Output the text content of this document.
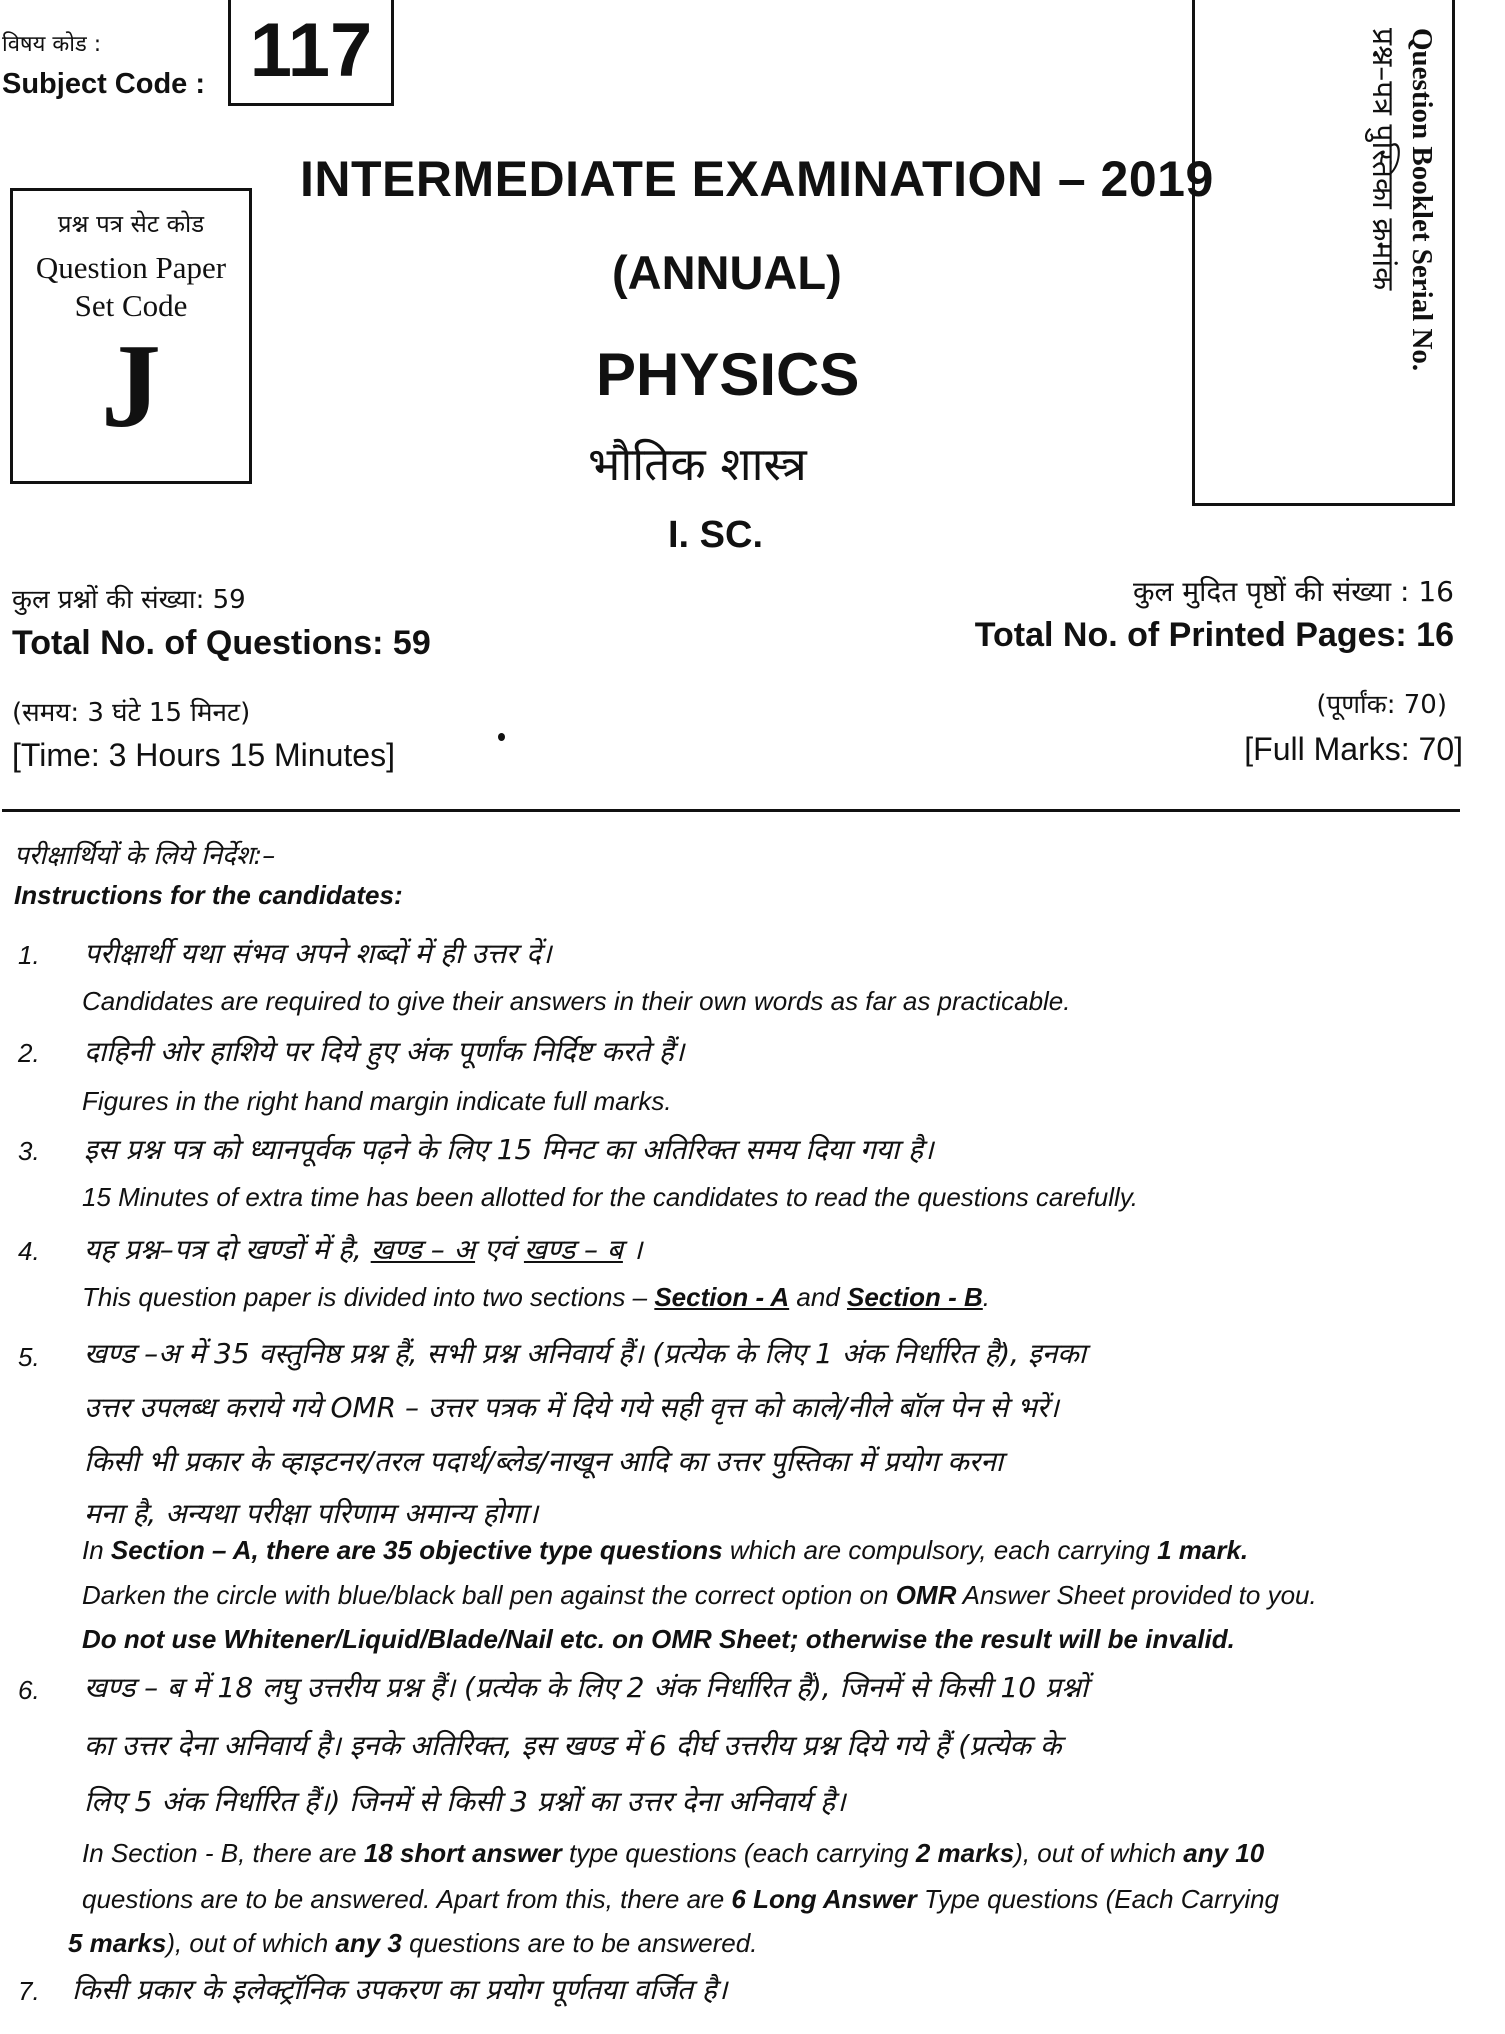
विषय कोड :
Subject Code : 117
प्रश्न पत्र सेट कोड
Question Paper
Set Code
J
Question Booklet Serial No.
प्रश्न–पत्र पुस्तिका क्रमांक
INTERMEDIATE EXAMINATION – 2019
(ANNUAL)
PHYSICS
भौतिक शास्त्र
I. SC.
कुल प्रश्नों की संख्या: 59
Total No. of Questions: 59
(समय: 3 घंटे 15 मिनट)
[Time: 3 Hours 15 Minutes]
कुल मुदित पृष्ठों की संख्या : 16
Total No. of Printed Pages: 16
(पूर्णांक: 70)
[Full Marks: 70]
परीक्षार्थियों के लिये निर्देश:–
Instructions for the candidates:
1. परीक्षार्थी यथा संभव अपने शब्दों में ही उत्तर दें।
Candidates are required to give their answers in their own words as far as practicable.
2. दाहिनी ओर हाशिये पर दिये हुए अंक पूर्णांक निर्दिष्ट करते हैं।
Figures in the right hand margin indicate full marks.
3. इस प्रश्न पत्र को ध्यानपूर्वक पढ़ने के लिए 15 मिनट का अतिरिक्त समय दिया गया है।
15 Minutes of extra time has been allotted for the candidates to read the questions carefully.
4. यह प्रश्न–पत्र दो खण्डों में है, खण्ड – अ एवं खण्ड – ब ।
This question paper is divided into two sections – Section - A and Section - B.
5. खण्ड –अ में 35 वस्तुनिष्ठ प्रश्न हैं, सभी प्रश्न अनिवार्य हैं। (प्रत्येक के लिए 1 अंक निर्धारित है), इनका
उत्तर उपलब्ध कराये गये OMR – उत्तर पत्रक में दिये गये सही वृत्त को काले/नीले बॉल पेन से भरें।
किसी भी प्रकार के व्हाइटनर/तरल पदार्थ/ब्लेड/नाखून आदि का उत्तर पुस्तिका में प्रयोग करना
मना है, अन्यथा परीक्षा परिणाम अमान्य होगा।
In Section – A, there are 35 objective type questions which are compulsory, each carrying 1 mark.
Darken the circle with blue/black ball pen against the correct option on OMR Answer Sheet provided to you.
Do not use Whitener/Liquid/Blade/Nail etc. on OMR Sheet; otherwise the result will be invalid.
6. खण्ड – ब में 18 लघु उत्तरीय प्रश्न हैं। (प्रत्येक के लिए 2 अंक निर्धारित हैं), जिनमें से किसी 10 प्रश्नों
का उत्तर देना अनिवार्य है। इनके अतिरिक्त, इस खण्ड में 6 दीर्घ उत्तरीय प्रश्न दिये गये हैं (प्रत्येक के
लिए 5 अंक निर्धारित हैं।) जिनमें से किसी 3 प्रश्नों का उत्तर देना अनिवार्य है।
In Section - B, there are 18 short answer type questions (each carrying 2 marks), out of which any 10
questions are to be answered. Apart from this, there are 6 Long Answer Type questions (Each Carrying
5 marks), out of which any 3 questions are to be answered.
7. किसी प्रकार के इलेक्ट्रॉनिक उपकरण का प्रयोग पूर्णतया वर्जित है।
